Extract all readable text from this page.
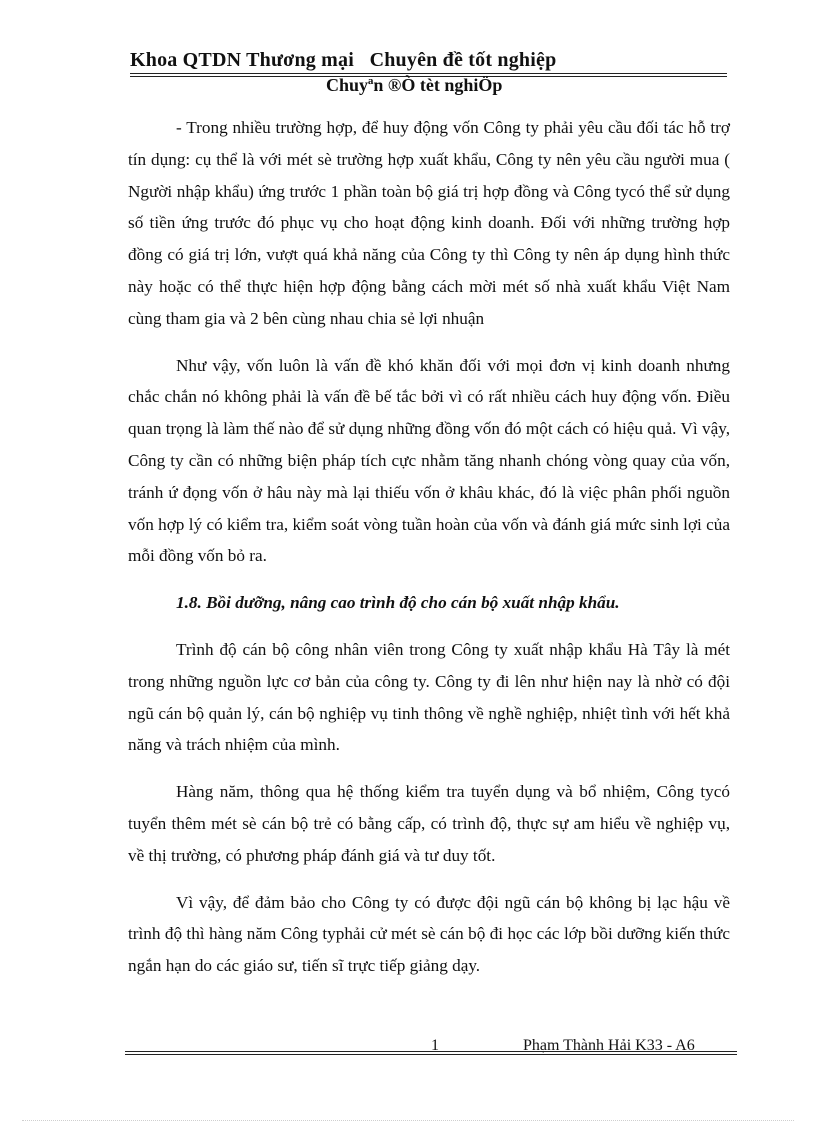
Khoa QTDN Thương mại   Chuyên đề tốt nghiệp
Chuyªn ®Ò tèt nghiÖp

- Trong nhiều trường hợp, để huy động vốn Công ty phải yêu cầu đối tác hỗ trợ tín dụng: cụ thể là với mét sè trường hợp xuất khẩu, Công ty nên yêu cầu người mua ( Người nhập khẩu) ứng trước 1 phần toàn bộ giá trị hợp đồng và Công tycó thể sử dụng số tiền ứng trước đó phục vụ cho hoạt động kinh doanh. Đối với những trường hợp đồng có giá trị lớn, vượt quá khả năng của Công ty thì Công ty nên áp dụng hình thức này hoặc có thể thực hiện hợp động bằng cách mời mét số nhà xuất khẩu Việt Nam cùng tham gia và 2 bên cùng nhau chia sẻ lợi nhuận

Như vậy, vốn luôn là vấn đề khó khăn đối với mọi đơn vị kinh doanh nhưng chắc chắn nó không phải là vấn đề bế tắc bởi vì có rất nhiều cách huy động vốn. Điều quan trọng là làm thế nào để sử dụng những đồng vốn đó một cách có hiệu quả. Vì vậy, Công ty cần có những biện pháp tích cực nhằm tăng nhanh chóng vòng quay của vốn, tránh ứ đọng vốn ở hâu này mà lại thiếu vốn ở khâu khác, đó là việc phân phối nguồn vốn hợp lý có kiểm tra, kiểm soát vòng tuần hoàn của vốn và đánh giá mức sinh lợi của mỗi đồng vốn bỏ ra.

1.8. Bồi dưỡng, nâng cao trình độ cho cán bộ xuất nhập khẩu.

Trình độ cán bộ công nhân viên trong Công ty xuất nhập khẩu Hà Tây là mét trong những nguồn lực cơ bản của công ty. Công ty đi lên như hiện nay là nhờ có đội ngũ cán bộ quản lý, cán bộ nghiệp vụ tinh thông về nghề nghiệp, nhiệt tình với hết khả năng và trách nhiệm của mình.

Hàng năm, thông qua hệ thống kiểm tra tuyển dụng và bổ nhiệm, Công tycó tuyển thêm mét sè cán bộ trẻ có bằng cấp, có trình độ, thực sự am hiểu về nghiệp vụ, về thị trường, có phương pháp đánh giá và tư duy tốt.

Vì vậy, để đảm bảo cho Công ty có được đội ngũ cán bộ không bị lạc hậu về trình độ thì hàng năm Công typhải cử mét sè cán bộ đi học các lớp bồi dưỡng kiến thức ngắn hạn do các giáo sư, tiến sĩ trực tiếp giảng dạy.

1	Phạm Thành Hải K33 - A6
